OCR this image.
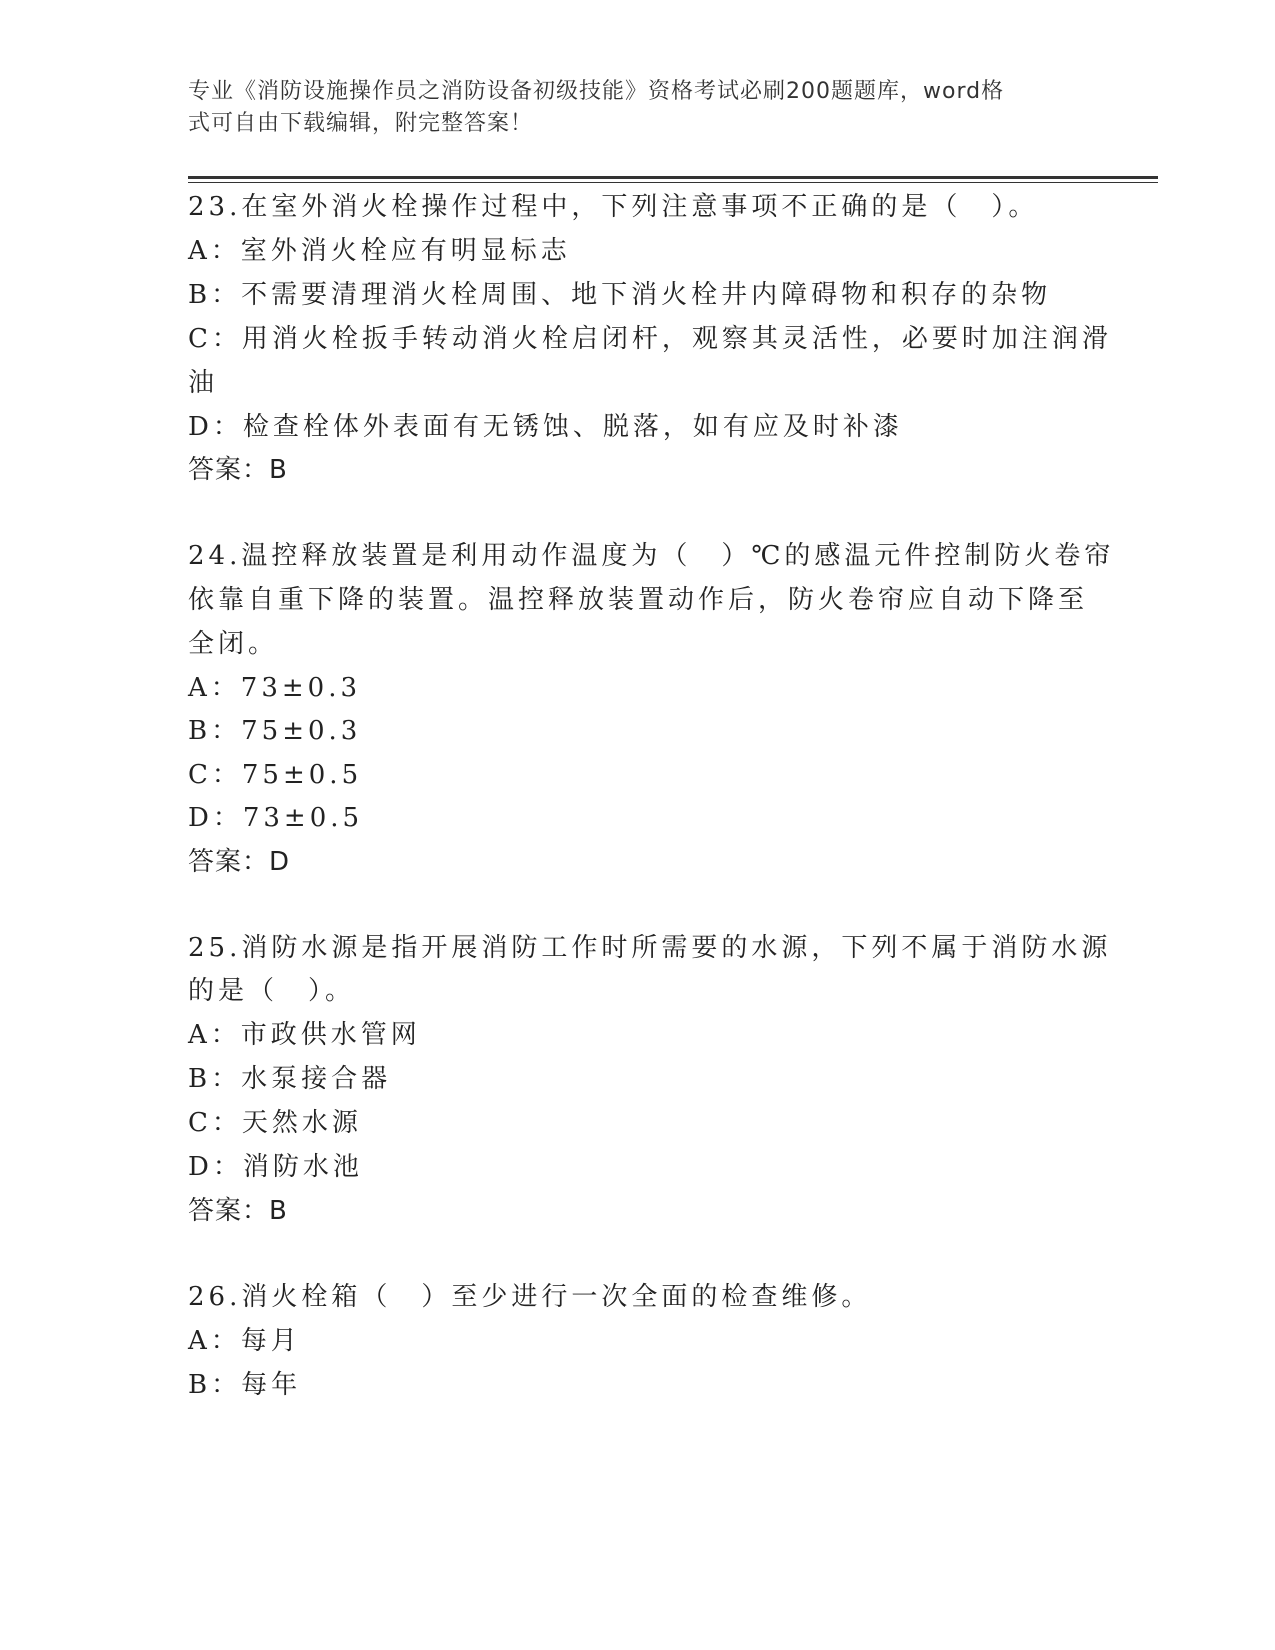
专业《消防设施操作员之消防设备初级技能》资格考试必刷200题题库，word格
式可自由下载编辑，附完整答案！
23.在室外消火栓操作过程中，下列注意事项不正确的是（　）。
A：室外消火栓应有明显标志
B：不需要清理消火栓周围、地下消火栓井内障碍物和积存的杂物
C：用消火栓扳手转动消火栓启闭杆，观察其灵活性，必要时加注润滑
油
D：检查栓体外表面有无锈蚀、脱落，如有应及时补漆
答案：B
24.温控释放装置是利用动作温度为（　）℃的感温元件控制防火卷帘
依靠自重下降的装置。温控释放装置动作后，防火卷帘应自动下降至
全闭。
A：73±0.3
B：75±0.3
C：75±0.5
D：73±0.5
答案：D
25.消防水源是指开展消防工作时所需要的水源，下列不属于消防水源
的是（　）。
A：市政供水管网
B：水泵接合器
C：天然水源
D：消防水池
答案：B
26.消火栓箱（　）至少进行一次全面的检查维修。
A：每月
B：每年
